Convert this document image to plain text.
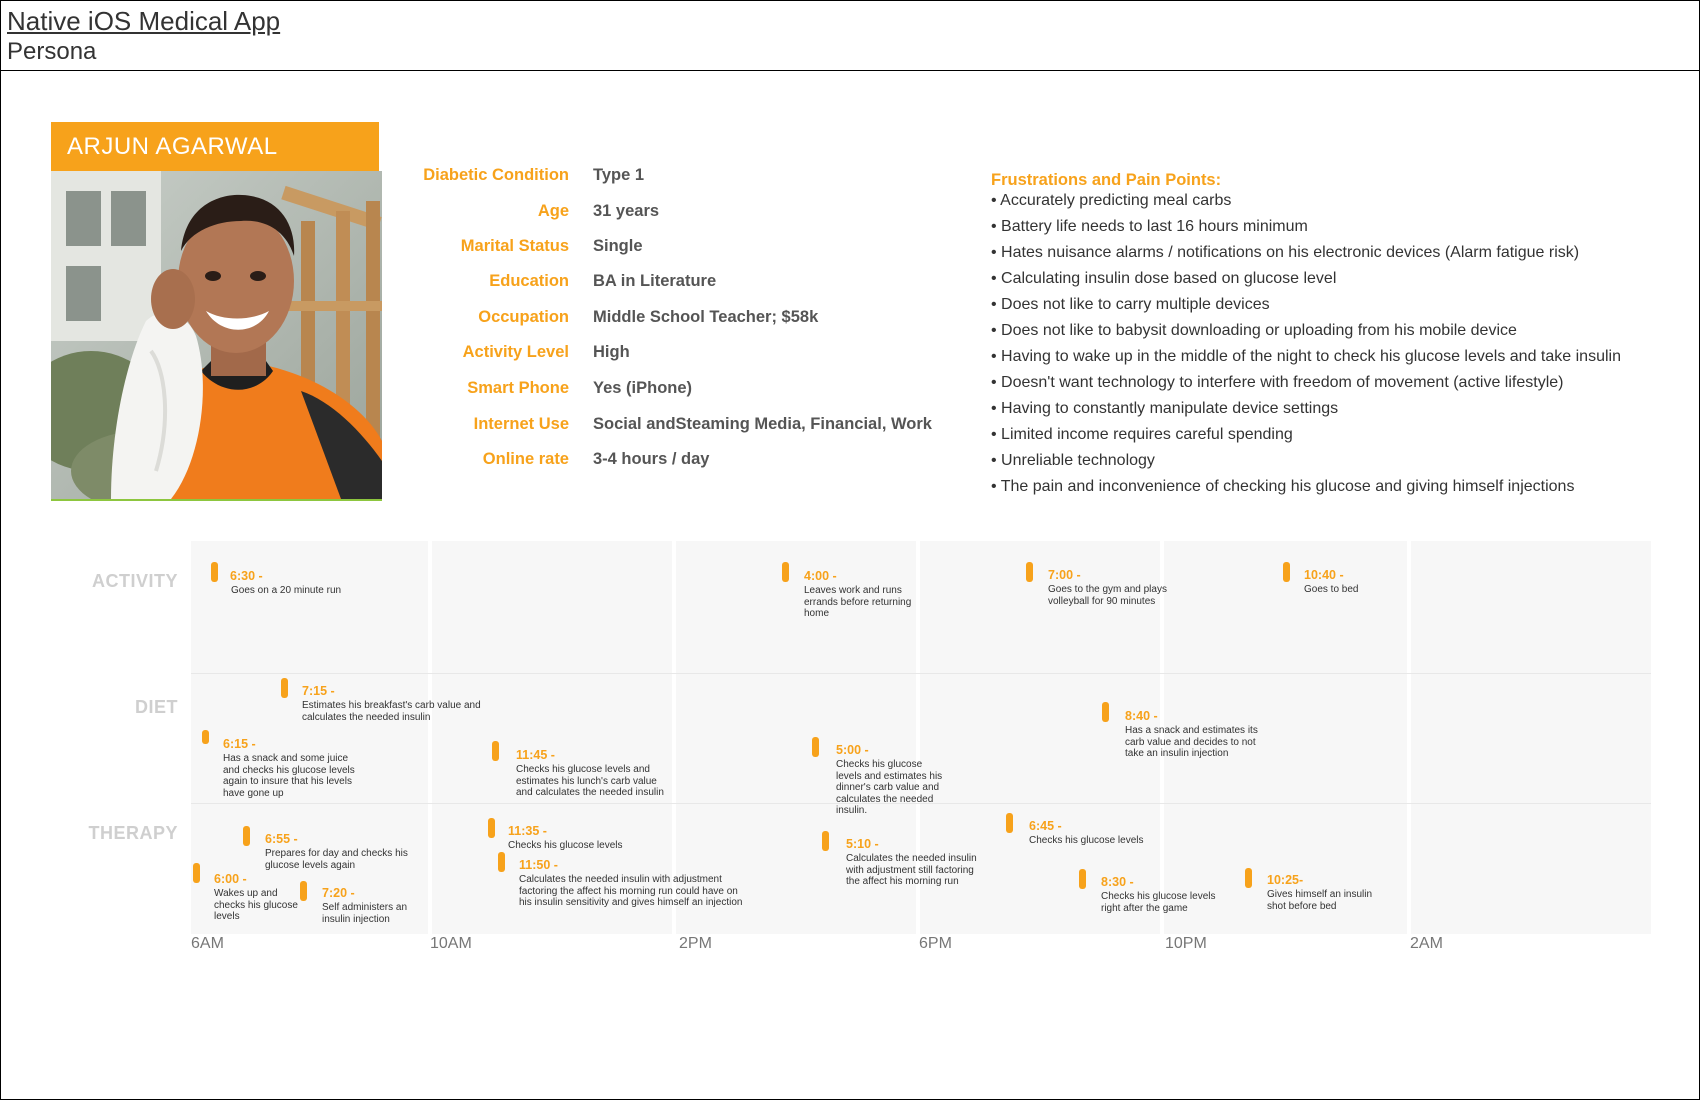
Native iOS Medical App
Persona
ARJUN AGARWAL
Diabetic Condition Type 1
Age 31 years
Marital Status Single
Education BA in Literature
Occupation Middle School Teacher; $58k
Activity Level High
Smart Phone Yes (iPhone)
Internet Use Social andSteaming Media, Financial, Work
Online rate 3-4 hours / day
Frustrations and Pain Points:
• Accurately predicting meal carbs
• Battery life needs to last 16 hours minimum
• Hates nuisance alarms / notifications on his electronic devices (Alarm fatigue risk)
• Calculating insulin dose based on glucose level
• Does not like to carry multiple devices
• Does not like to babysit downloading or uploading from his mobile device
• Having to wake up in the middle of the night to check his glucose levels and take insulin
• Doesn't want technology to interfere with freedom of movement (active lifestyle)
• Having to constantly manipulate device settings
• Limited income requires careful spending
• Unreliable technology
• The pain and inconvenience of checking his glucose and giving himself injections
ACTIVITY
DIET
THERAPY
6AM	10AM	2PM	6PM	10PM	2AM
6:30 -
Goes on a 20 minute run
4:00 -
Leaves work and runs errands before returning home
7:00 -
Goes to the gym and plays volleyball for 90 minutes
10:40 -
Goes to bed
7:15 -
Estimates his breakfast's carb value and calculates the needed insulin
6:15 -
Has a snack and some juice and checks his glucose levels again to insure that his levels have gone up
11:45 -
Checks his glucose levels and estimates his lunch's carb value and calculates the needed insulin
5:00 -
Checks his glucose levels and estimates his dinner's carb value and calculates the needed insulin.
8:40 -
Has a snack and estimates its carb value and decides to not take an insulin injection
6:55 -
Prepares for day and checks his glucose levels again
6:00 -
Wakes up and checks his glucose levels
7:20 -
Self administers an insulin injection
11:35 -
Checks his glucose levels
11:50 -
Calculates the needed insulin with adjustment factoring the affect his morning run could have on his insulin sensitivity and gives himself an injection
5:10 -
Calculates the needed insulin with adjustment still factoring the affect his morning run
6:45 -
Checks his glucose levels
8:30 -
Checks his glucose levels right after the game
10:25-
Gives himself an insulin shot before bed
